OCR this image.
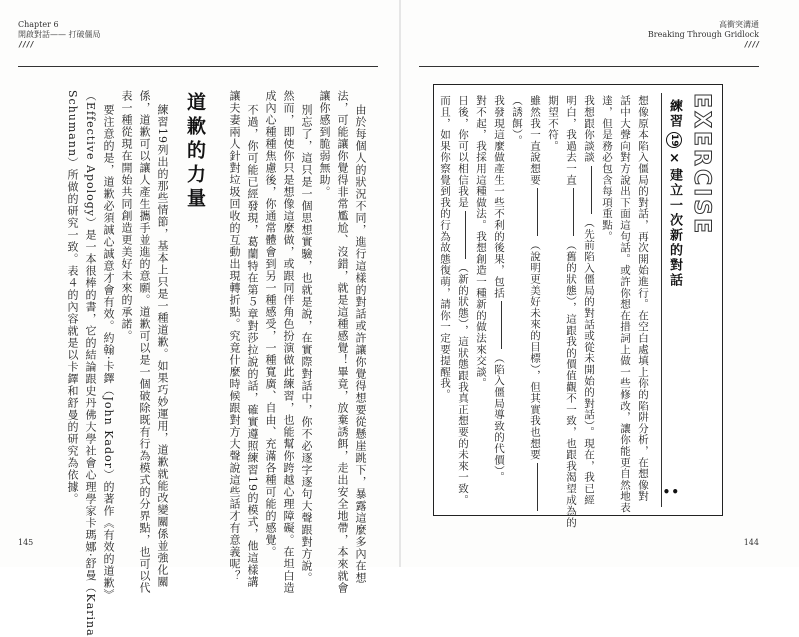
Chapter 6
開啟對話—— 打破僵局
////
由於每個人的狀況不同，進行這樣的對話或許讓你覺得想要從懸崖跳下，暴露這麼多內在想
法，可能讓你覺得非常尷尬、沒錯，就是這種感覺！畢竟，放棄誘餌，走出安全地帶，本來就會
讓你感到脆弱無助。
別忘了，這只是一個思想實驗，也就是說，在實際對話中，你不必逐字逐句大聲跟對方說。
然而，即使你只是想像這麼做，或跟同伴角色扮演做此練習，也能幫你跨越心理障礙。在坦白造
成內心種種焦慮後，你通常體會到另一種感受，一種寬廣、自由、充滿各種可能的感覺。
不過，你可能已經發現，葛蘭特在第５章對莎拉說的話，確實遵照練習19的模式，他這樣講
讓夫妻兩人針對垃圾回收的互動出現轉折點。究竟什麼時候跟對方大聲說這些話才有意義呢？
道歉的力量
練習19列出的那些情節，基本上只是一種道歉。如果巧妙運用，道歉就能改變關係並強化關
係，道歉可以讓人產生攜手並進的意願。道歉可以是一個破除既有行為模式的分界點，也可以代
表一種從現在開始共同創造更美好未來的承諾。
要注意的是，道歉必須誠心誠意才會有效。約翰·卡鐸（John Kador）的著作《有效的道歉》
（Effective Apology）是一本很棒的書，它的結論跟史丹佛大學社會心理學家卡瑪娜·舒曼（Karina
Schumann）所做的研究一致。表４的內容就是以卡鐸和舒曼的研究為依據。
145
高衝突溝通
Breaking Through Gridlock
////
EXERCISE
練習19×建立一次新的對話
想像原本陷入僵局的對話，再次開始進行。在空白處填上你的陷阱分析，在想像對
話中大聲向對方說出下面這句話。或許你想在措詞上做一些修改，讓你能更自然地表
達，但是務必包含每項重點。
我想跟你談談（先前陷入僵局的對話或從未開始的對話）。現在，我已經
明白，我過去一直（舊的狀態），這跟我的價值觀不一致，也跟我渴望成為的
期望不符。
雖然我一直說想要（說明更美好未來的目標），但其實我也想要
（誘餌）。
我發現這麼做產生一些不利的後果，包括（陷入僵局導致的代價）。
對不起，我採用這種做法。我想創造一種新的做法來交談。
日後，你可以相信我是（新的狀態），這狀態跟我真正想要的未來一致。
而且，如果你察覺到我的行為故態復萌，請你一定要提醒我。
••
144
